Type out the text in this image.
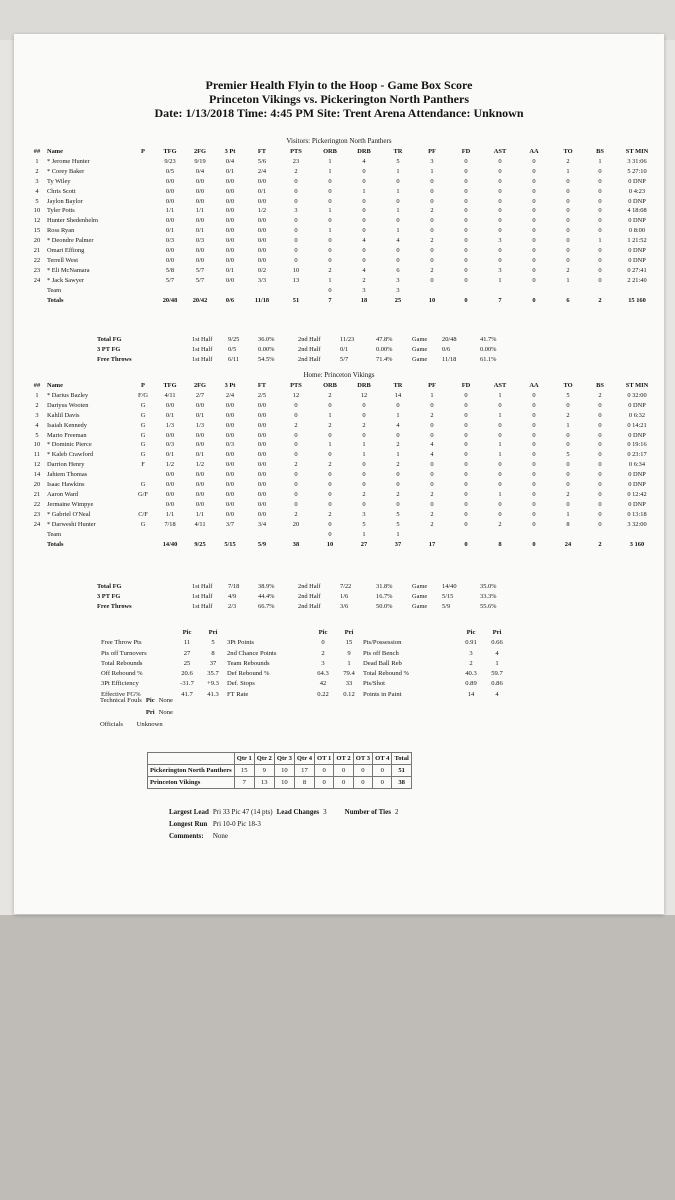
Premier Health Flyin to the Hoop - Game Box Score
Princeton Vikings vs. Pickerington North Panthers
Date: 1/13/2018 Time: 4:45 PM Site: Trent Arena Attendance: Unknown
Visitors: Pickerington North Panthers
##	Name	P	TFG	2FG	3 Pt	FT	PTS	ORB	DRB	TR	PF	FD	AST	AA	TO	BS	ST MIN
1	* Jerome Hunter		9/23	9/19	0/4	5/6	23	1	4	5	3	0	0	0	2	1	3 31:06
2	* Corey Baker		0/5	0/4	0/1	2/4	2	1	0	1	1	0	0	0	1	0	5 27:10
3	Ty Wiley		0/0	0/0	0/0	0/0	0	0	0	0	0	0	0	0	0	0	0 DNP
4	Chris Scott		0/0	0/0	0/0	0/1	0	0	1	1	0	0	0	0	0	0	0 4:23
5	Jaylon Baylor		0/0	0/0	0/0	0/0	0	0	0	0	0	0	0	0	0	0	0 DNP
10	Tyler Potts		1/1	1/1	0/0	1/2	3	1	0	1	2	0	0	0	0	0	4 18:08
12	Hunter Shedenhelm		0/0	0/0	0/0	0/0	0	0	0	0	0	0	0	0	0	0	0 DNP
15	Ross Ryan		0/1	0/1	0/0	0/0	0	1	0	1	0	0	0	0	0	0	0 8:00
20	* Deondre Palmer		0/3	0/3	0/0	0/0	0	0	4	4	2	0	3	0	0	1	1 21:52
21	Omari Effiong		0/0	0/0	0/0	0/0	0	0	0	0	0	0	0	0	0	0	0 DNP
22	Terrell West		0/0	0/0	0/0	0/0	0	0	0	0	0	0	0	0	0	0	0 DNP
23	* Eli McNamara		5/8	5/7	0/1	0/2	10	2	4	6	2	0	3	0	2	0	0 27:41
24	* Jack Sawyer		5/7	5/7	0/0	3/3	13	1	2	3	0	0	1	0	1	0	2 21:40
	Team							0	3	3							
	Totals		20/48	20/42	0/6	11/18	51	7	18	25	10	0	7	0	6	2	15 160
Total FG	1st Half	9/25	36.0%	2nd Half	11/23	47.8%	Game	20/48	41.7%
3 PT FG	1st Half	0/5	0.00%	2nd Half	0/1	0.00%	Game	0/6	0.00%
Free Throws	1st Half	6/11	54.5%	2nd Half	5/7	71.4%	Game	11/18	61.1%
Home: Princeton Vikings
##	Name	P	TFG	2FG	3 Pt	FT	PTS	ORB	DRB	TR	PF	FD	AST	AA	TO	BS	ST MIN
1	* Darius Bazley	F/G	4/11	2/7	2/4	2/5	12	2	12	14	1	0	1	0	5	2	0 32:00
2	Dariyus Wooten	G	0/0	0/0	0/0	0/0	0	0	0	0	0	0	0	0	0	0	0 DNP
3	Kahlil Davis	G	0/1	0/1	0/0	0/0	0	1	0	1	2	0	1	0	2	0	0 6:32
4	Isaiah Kennedy	G	1/3	1/3	0/0	0/0	2	2	2	4	0	0	0	0	1	0	0 14:21
5	Mario Freeman	G	0/0	0/0	0/0	0/0	0	0	0	0	0	0	0	0	0	0	0 DNP
10	* Dominic Pierce	G	0/3	0/0	0/3	0/0	0	1	1	2	4	0	1	0	0	0	0 19:16
11	* Kaleb Crawford	G	0/1	0/1	0/0	0/0	0	0	1	1	4	0	1	0	5	0	0 23:17
12	Darrion Henry	F	1/2	1/2	0/0	0/0	2	2	0	2	0	0	0	0	0	0	0 6:34
14	Jahiem Thomas		0/0	0/0	0/0	0/0	0	0	0	0	0	0	0	0	0	0	0 DNP
20	Isaac Hawkins	G	0/0	0/0	0/0	0/0	0	0	0	0	0	0	0	0	0	0	0 DNP
21	Aaron Ward	G/F	0/0	0/0	0/0	0/0	0	0	2	2	2	0	1	0	2	0	0 12:42
22	Jermaine Wimpye		0/0	0/0	0/0	0/0	0	0	0	0	0	0	0	0	0	0	0 DNP
23	* Gabriel O'Neal	C/F	1/1	1/1	0/0	0/0	2	2	3	5	2	0	0	0	1	0	0 13:18
24	* Darweshi Hunter	G	7/18	4/11	3/7	3/4	20	0	5	5	2	0	2	0	8	0	3 32:00
	Team							0	1	1							
	Totals		14/40	9/25	5/15	5/9	38	10	27	37	17	0	8	0	24	2	3 160
Total FG	1st Half	7/18	38.9%	2nd Half	7/22	31.8%	Game	14/40	35.0%
3 PT FG	1st Half	4/9	44.4%	2nd Half	1/6	16.7%	Game	5/15	33.3%
Free Throws	1st Half	2/3	66.7%	2nd Half	3/6	50.0%	Game	5/9	55.6%
	Pic	Pri		Pic	Pri		Pic	Pri
Free Throw Pts	11	5	3Pt Points	0	15	Pts/Possession	0.91	0.66
Pts off Turnovers	27	8	2nd Chance Points	2	9	Pts off Bench	3	4
Total Rebounds	25	37	Team Rebounds	3	1	Dead Ball Reb	2	1
Off Rebound %	20.6	35.7	Def Rebound %	64.3	79.4	Total Rebound %	40.3	59.7
3Pt Efficiency	-31.7	+9.3	Def. Stops	42	33	Pts/Shot	0.89	0.86
Effective FG%	41.7	41.3	FT Rate	0.22	0.12	Points in Paint	14	4
Technical Fouls	Pic	None
	Pri	None
Officials		Unknown
	Qtr 1	Qtr 2	Qtr 3	Qtr 4	OT 1	OT 2	OT 3	OT 4	Total
Pickerington North Panthers	15	9	10	17	0	0	0	0	51
Princeton Vikings	7	13	10	8	0	0	0	0	38
Largest Lead	Pri 33 Pic 47 (14 pts)	Lead Changes	3	Number of Ties	2
Longest Run	Pri 10-0 Pic 18-3				
Comments:	None				
